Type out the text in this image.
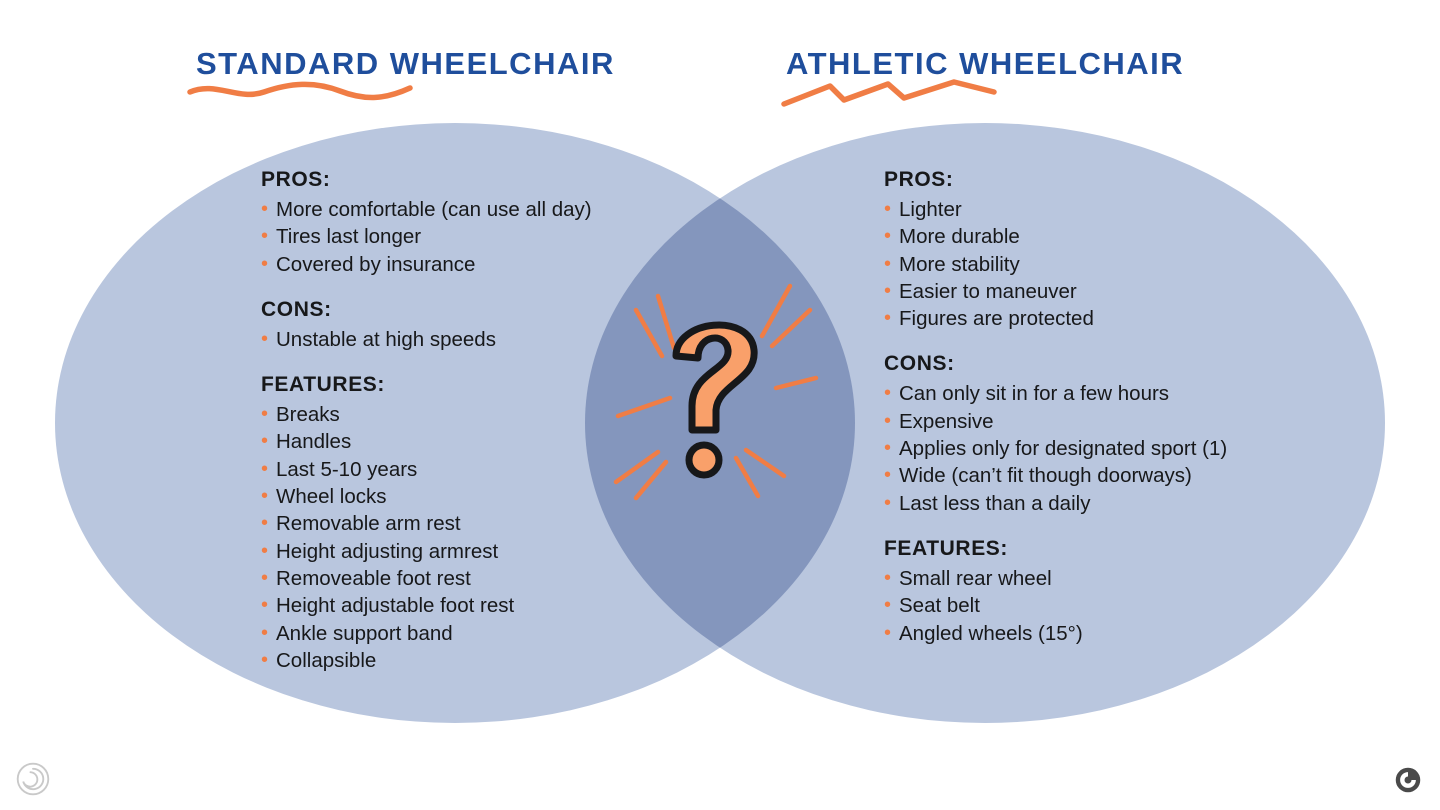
STANDARD WHEELCHAIR	ATHLETIC WHEELCHAIR
PROS:
• More comfortable (can use all day)
• Tires last longer
• Covered by insurance
CONS:
• Unstable at high speeds
FEATURES:
• Breaks
• Handles
• Last 5-10 years
• Wheel locks
• Removable arm rest
• Height adjusting armrest
• Removeable foot rest
• Height adjustable foot rest
• Ankle support band
• Collapsible
PROS:
• Lighter
• More durable
• More stability
• Easier to maneuver
• Figures are protected
CONS:
• Can only sit in for a few hours
• Expensive
• Applies only for designated sport (1)
• Wide (can’t fit though doorways)
• Last less than a daily
FEATURES:
• Small rear wheel
• Seat belt
• Angled wheels (15°)
